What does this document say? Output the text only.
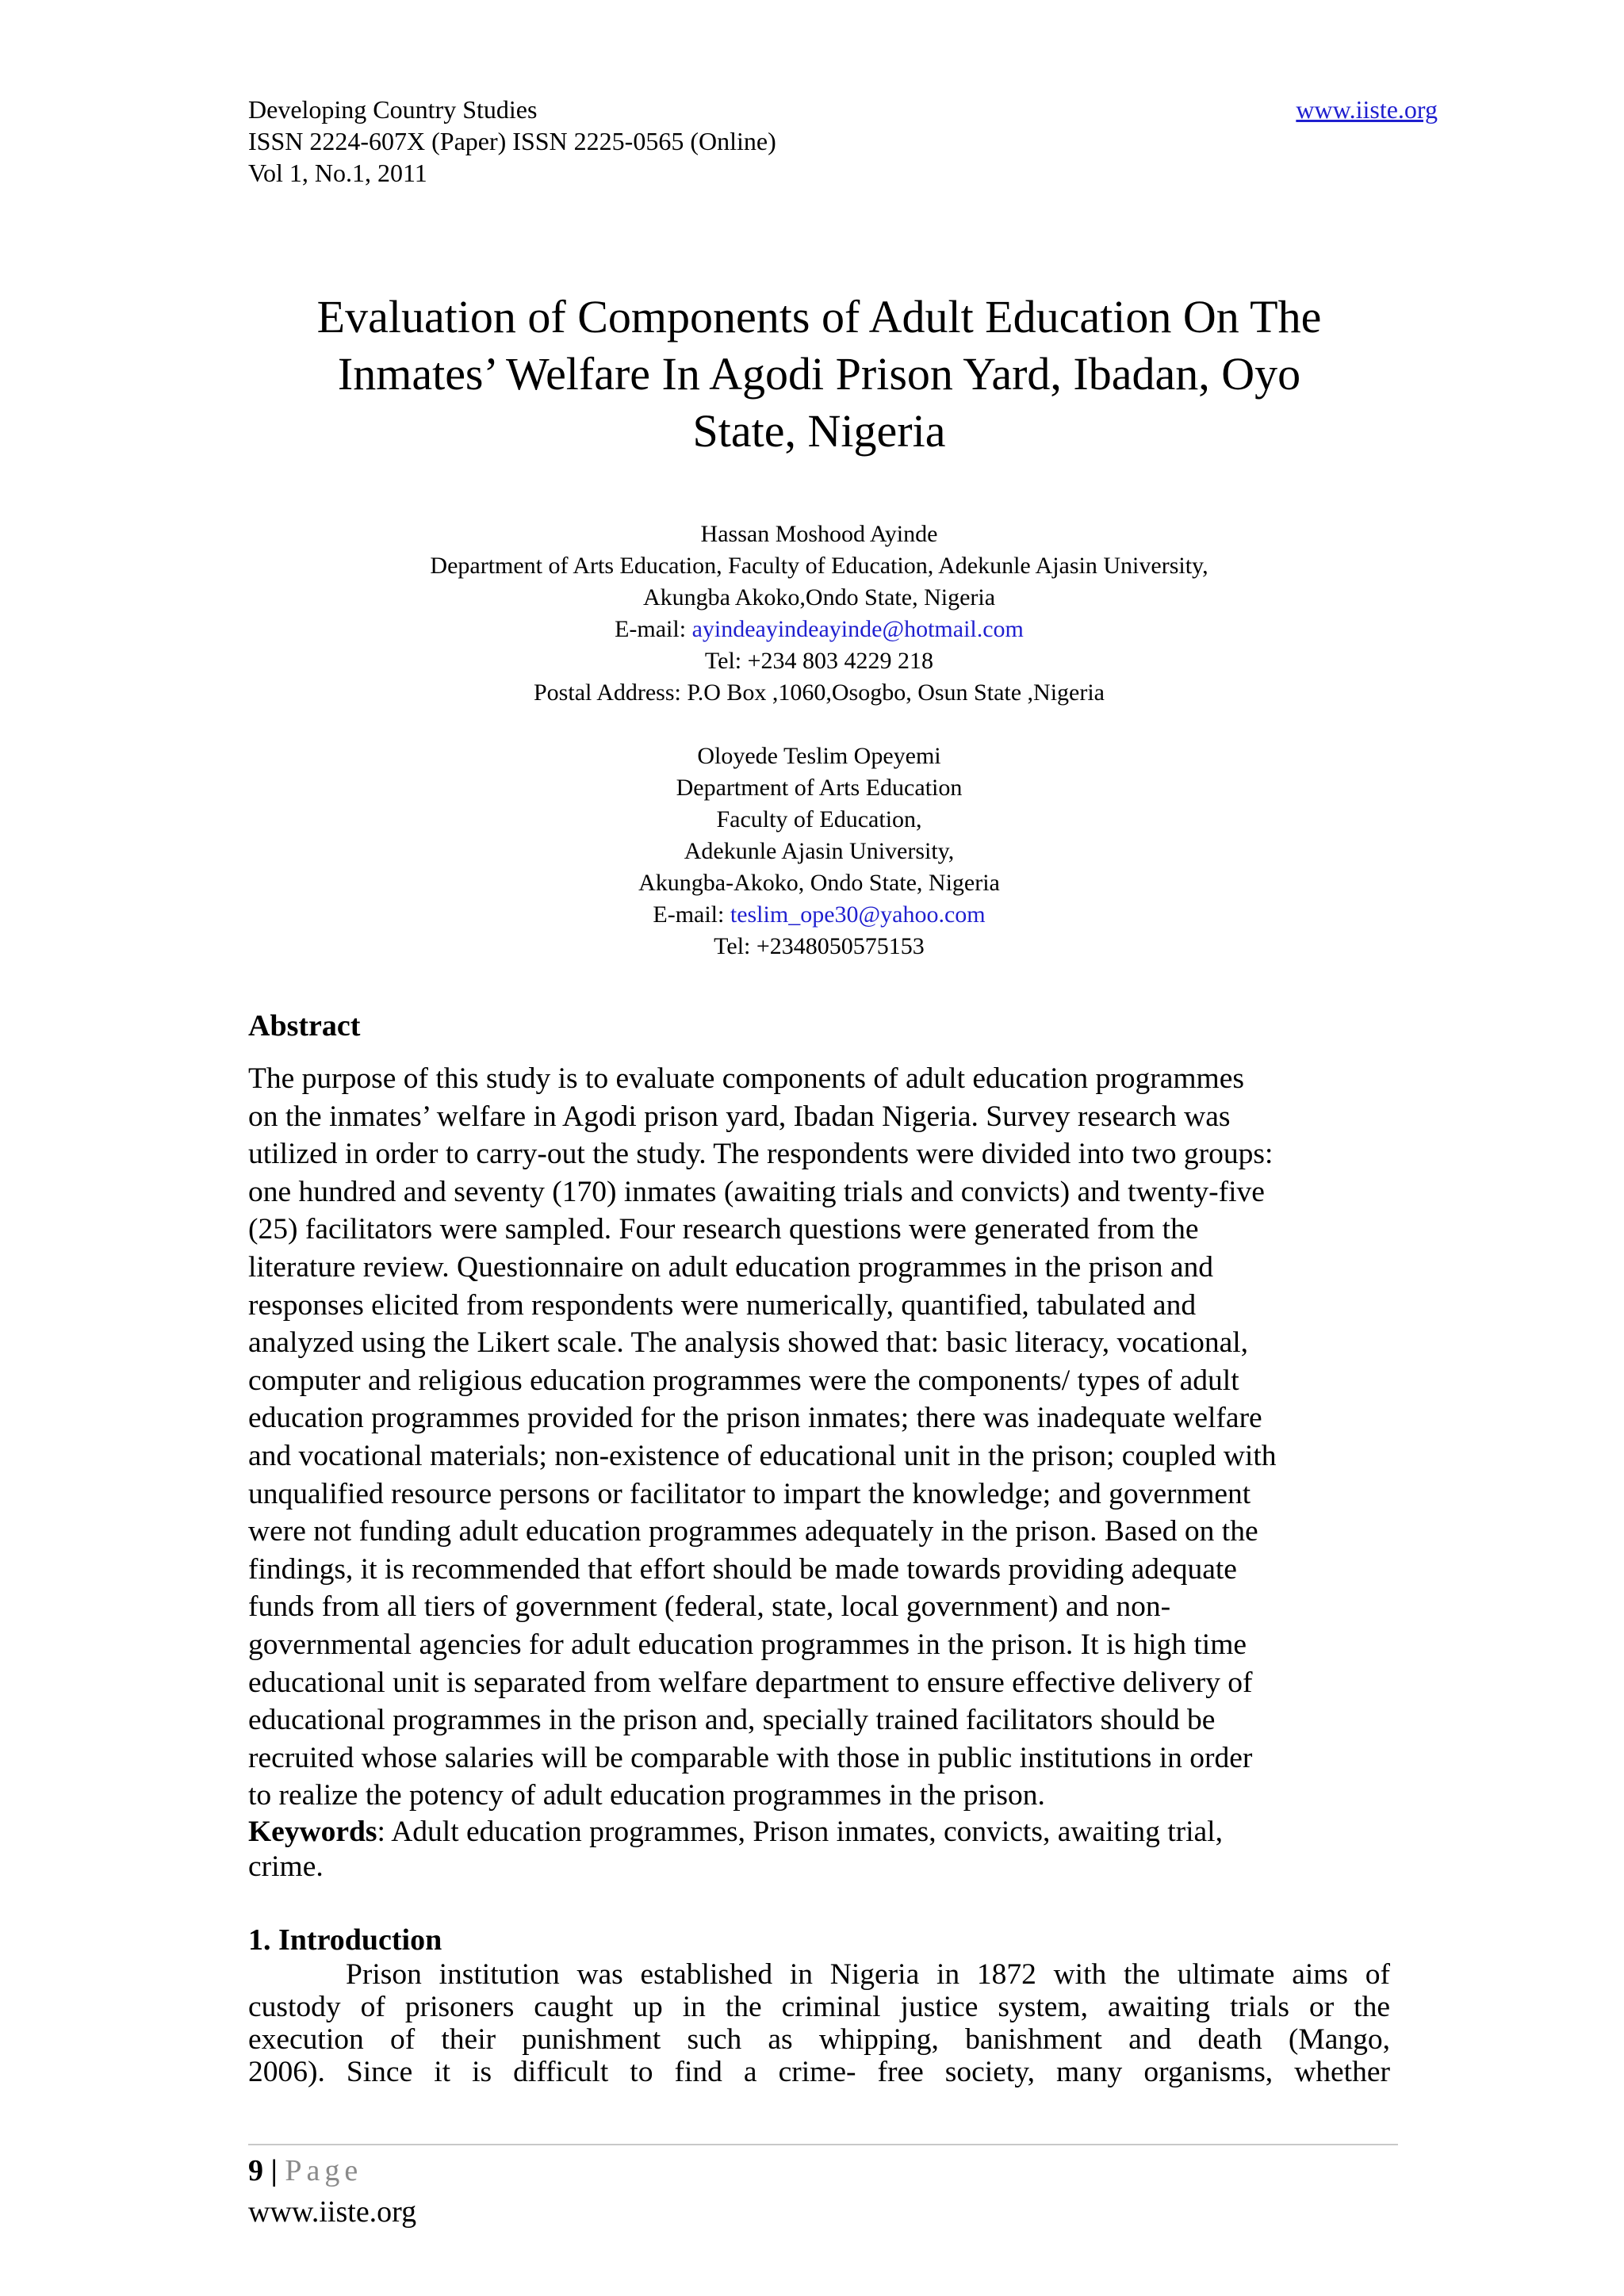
Developing Country Studies
ISSN 2224-607X (Paper) ISSN 2225-0565 (Online)
Vol 1, No.1, 2011
www.iiste.org
Evaluation of Components of Adult Education On The
Inmates’ Welfare In Agodi Prison Yard, Ibadan, Oyo
State, Nigeria
Hassan Moshood Ayinde
Department of Arts Education, Faculty of Education, Adekunle Ajasin University,
Akungba Akoko,Ondo State, Nigeria
E-mail: ayindeayindeayinde@hotmail.com
Tel: +234 803 4229 218
Postal Address: P.O Box ,1060,Osogbo, Osun State ,Nigeria
Oloyede Teslim Opeyemi
Department of Arts Education
Faculty of Education,
Adekunle Ajasin University,
Akungba-Akoko, Ondo State, Nigeria
E-mail: teslim_ope30@yahoo.com
Tel: +2348050575153
Abstract
The purpose of this study is to evaluate components of adult education programmes
on the inmates’ welfare in Agodi prison yard, Ibadan Nigeria. Survey research was
utilized in order to carry-out the study. The respondents were divided into two groups:
one hundred and seventy (170) inmates (awaiting trials and convicts) and twenty-five
(25) facilitators were sampled. Four research questions were generated from the
literature review. Questionnaire on adult education programmes in the prison and
responses elicited from respondents were numerically, quantified, tabulated and
analyzed using the Likert scale. The analysis showed that: basic literacy, vocational,
computer and religious education programmes were the components/ types of adult
education programmes provided for the prison inmates; there was inadequate welfare
and vocational materials; non-existence of educational unit in the prison; coupled with
unqualified resource persons or facilitator to impart the knowledge; and government
were not funding adult education programmes adequately in the prison. Based on the
findings, it is recommended that effort should be made towards providing adequate
funds from all tiers of government (federal, state, local government) and non-
governmental agencies for adult education programmes in the prison. It is high time
educational unit is separated from welfare department to ensure effective delivery of
educational programmes in the prison and, specially trained facilitators should be
recruited whose salaries will be comparable with those in public institutions in order
to realize the potency of adult education programmes in the prison.
Keywords: Adult education programmes, Prison inmates, convicts, awaiting trial,
crime.
1. Introduction
Prison institution was established in Nigeria in 1872 with the ultimate aims of
custody of prisoners caught up in the criminal justice system, awaiting trials or the
execution of their punishment such as whipping, banishment and death (Mango,
2006). Since it is difficult to find a crime- free society, many organisms, whether
9 | Page
www.iiste.org
